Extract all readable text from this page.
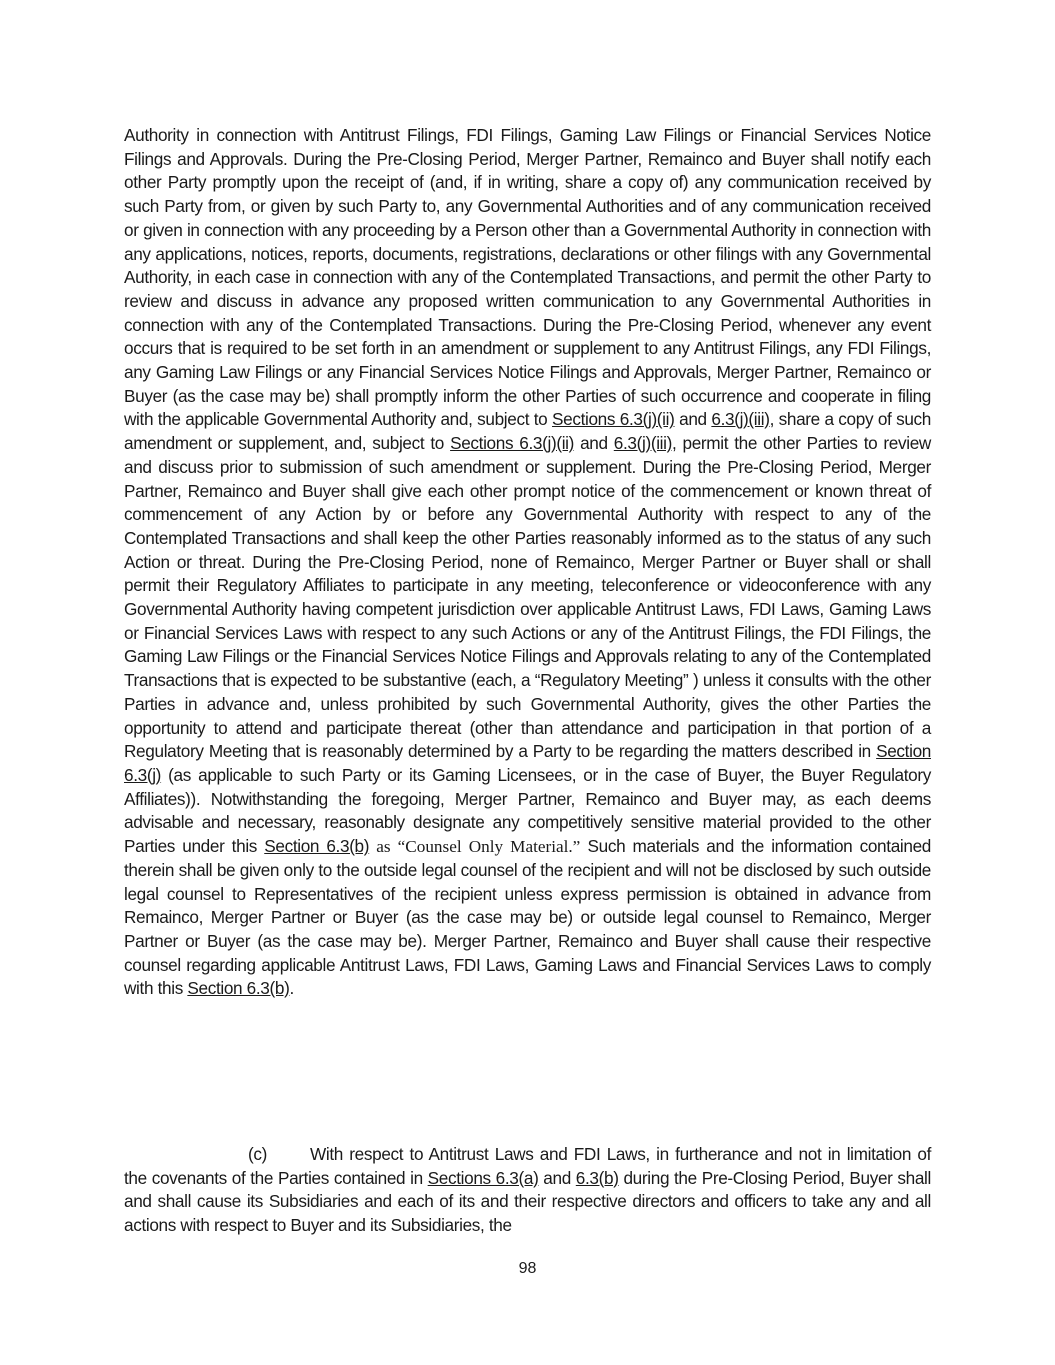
Authority in connection with Antitrust Filings, FDI Filings, Gaming Law Filings or Financial Services Notice Filings and Approvals. During the Pre-Closing Period, Merger Partner, Remainco and Buyer shall notify each other Party promptly upon the receipt of (and, if in writing, share a copy of) any communication received by such Party from, or given by such Party to, any Governmental Authorities and of any communication received or given in connection with any proceeding by a Person other than a Governmental Authority in connection with any applications, notices, reports, documents, registrations, declarations or other filings with any Governmental Authority, in each case in connection with any of the Contemplated Transactions, and permit the other Party to review and discuss in advance any proposed written communication to any Governmental Authorities in connection with any of the Contemplated Transactions. During the Pre-Closing Period, whenever any event occurs that is required to be set forth in an amendment or supplement to any Antitrust Filings, any FDI Filings, any Gaming Law Filings or any Financial Services Notice Filings and Approvals, Merger Partner, Remainco or Buyer (as the case may be) shall promptly inform the other Parties of such occurrence and cooperate in filing with the applicable Governmental Authority and, subject to Sections 6.3(j)(ii) and 6.3(j)(iii), share a copy of such amendment or supplement, and, subject to Sections 6.3(j)(ii) and 6.3(j)(iii), permit the other Parties to review and discuss prior to submission of such amendment or supplement. During the Pre-Closing Period, Merger Partner, Remainco and Buyer shall give each other prompt notice of the commencement or known threat of commencement of any Action by or before any Governmental Authority with respect to any of the Contemplated Transactions and shall keep the other Parties reasonably informed as to the status of any such Action or threat. During the Pre-Closing Period, none of Remainco, Merger Partner or Buyer shall or shall permit their Regulatory Affiliates to participate in any meeting, teleconference or videoconference with any Governmental Authority having competent jurisdiction over applicable Antitrust Laws, FDI Laws, Gaming Laws or Financial Services Laws with respect to any such Actions or any of the Antitrust Filings, the FDI Filings, the Gaming Law Filings or the Financial Services Notice Filings and Approvals relating to any of the Contemplated Transactions that is expected to be substantive (each, a “Regulatory Meeting” ) unless it consults with the other Parties in advance and, unless prohibited by such Governmental Authority, gives the other Parties the opportunity to attend and participate thereat (other than attendance and participation in that portion of a Regulatory Meeting that is reasonably determined by a Party to be regarding the matters described in Section 6.3(j) (as applicable to such Party or its Gaming Licensees, or in the case of Buyer, the Buyer Regulatory Affiliates)). Notwithstanding the foregoing, Merger Partner, Remainco and Buyer may, as each deems advisable and necessary, reasonably designate any competitively sensitive material provided to the other Parties under this Section 6.3(b) as “Counsel Only Material.” Such materials and the information contained therein shall be given only to the outside legal counsel of the recipient and will not be disclosed by such outside legal counsel to Representatives of the recipient unless express permission is obtained in advance from Remainco, Merger Partner or Buyer (as the case may be) or outside legal counsel to Remainco, Merger Partner or Buyer (as the case may be). Merger Partner, Remainco and Buyer shall cause their respective counsel regarding applicable Antitrust Laws, FDI Laws, Gaming Laws and Financial Services Laws to comply with this Section 6.3(b).

(c)	With respect to Antitrust Laws and FDI Laws, in furtherance and not in limitation of the covenants of the Parties contained in Sections 6.3(a) and 6.3(b) during the Pre-Closing Period, Buyer shall and shall cause its Subsidiaries and each of its and their respective directors and officers to take any and all actions with respect to Buyer and its Subsidiaries, the

98
